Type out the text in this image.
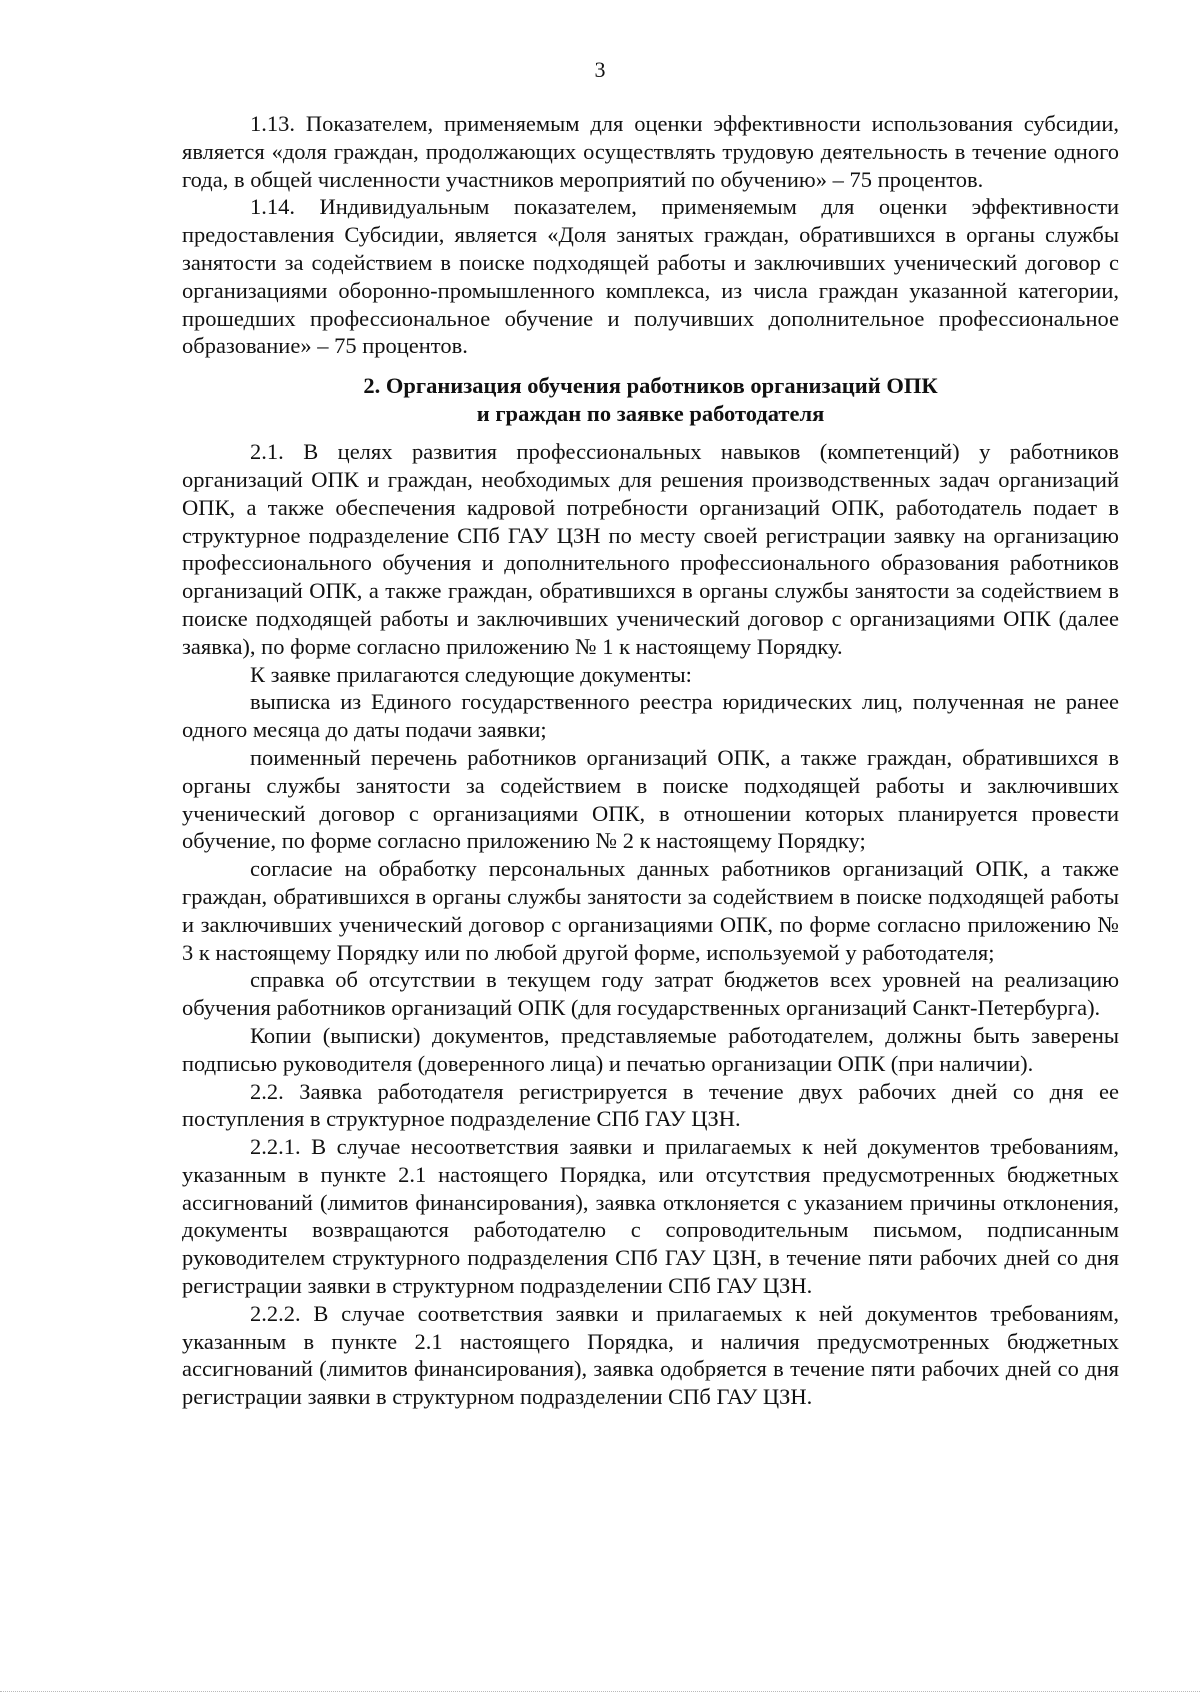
3

1.13. Показателем, применяемым для оценки эффективности использования субсидии, является «доля граждан, продолжающих осуществлять трудовую деятельность в течение одного года, в общей численности участников мероприятий по обучению» – 75 процентов.

1.14. Индивидуальным показателем, применяемым для оценки эффективности предоставления Субсидии, является «Доля занятых граждан, обратившихся в органы службы занятости за содействием в поиске подходящей работы и заключивших ученический договор с организациями оборонно-промышленного комплекса, из числа граждан указанной категории, прошедших профессиональное обучение и получивших дополнительное профессиональное образование» – 75 процентов.

2. Организация обучения работников организаций ОПК
и граждан по заявке работодателя

2.1. В целях развития профессиональных навыков (компетенций) у работников организаций ОПК и граждан, необходимых для решения производственных задач организаций ОПК, а также обеспечения кадровой потребности организаций ОПК, работодатель подает в структурное подразделение СПб ГАУ ЦЗН по месту своей регистрации заявку на организацию профессионального обучения и дополнительного профессионального образования работников организаций ОПК, а также граждан, обратившихся в органы службы занятости за содействием в поиске подходящей работы и заключивших ученический договор с организациями ОПК (далее заявка), по форме согласно приложению № 1 к настоящему Порядку.

К заявке прилагаются следующие документы:

выписка из Единого государственного реестра юридических лиц, полученная не ранее одного месяца до даты подачи заявки;

поименный перечень работников организаций ОПК, а также граждан, обратившихся в органы службы занятости за содействием в поиске подходящей работы и заключивших ученический договор с организациями ОПК, в отношении которых планируется провести обучение, по форме согласно приложению № 2 к настоящему Порядку;

согласие на обработку персональных данных работников организаций ОПК, а также граждан, обратившихся в органы службы занятости за содействием в поиске подходящей работы и заключивших ученический договор с организациями ОПК, по форме согласно приложению № 3 к настоящему Порядку или по любой другой форме, используемой у работодателя;

справка об отсутствии в текущем году затрат бюджетов всех уровней на реализацию обучения работников организаций ОПК (для государственных организаций Санкт-Петербурга).

Копии (выписки) документов, представляемые работодателем, должны быть заверены подписью руководителя (доверенного лица) и печатью организации ОПК (при наличии).

2.2. Заявка работодателя регистрируется в течение двух рабочих дней со дня ее поступления в структурное подразделение СПб ГАУ ЦЗН.

2.2.1. В случае несоответствия заявки и прилагаемых к ней документов требованиям, указанным в пункте 2.1 настоящего Порядка, или отсутствия предусмотренных бюджетных ассигнований (лимитов финансирования), заявка отклоняется с указанием причины отклонения, документы возвращаются работодателю с сопроводительным письмом, подписанным руководителем структурного подразделения СПб ГАУ ЦЗН, в течение пяти рабочих дней со дня регистрации заявки в структурном подразделении СПб ГАУ ЦЗН.

2.2.2. В случае соответствия заявки и прилагаемых к ней документов требованиям, указанным в пункте 2.1 настоящего Порядка, и наличия предусмотренных бюджетных ассигнований (лимитов финансирования), заявка одобряется в течение пяти рабочих дней со дня регистрации заявки в структурном подразделении СПб ГАУ ЦЗН.
